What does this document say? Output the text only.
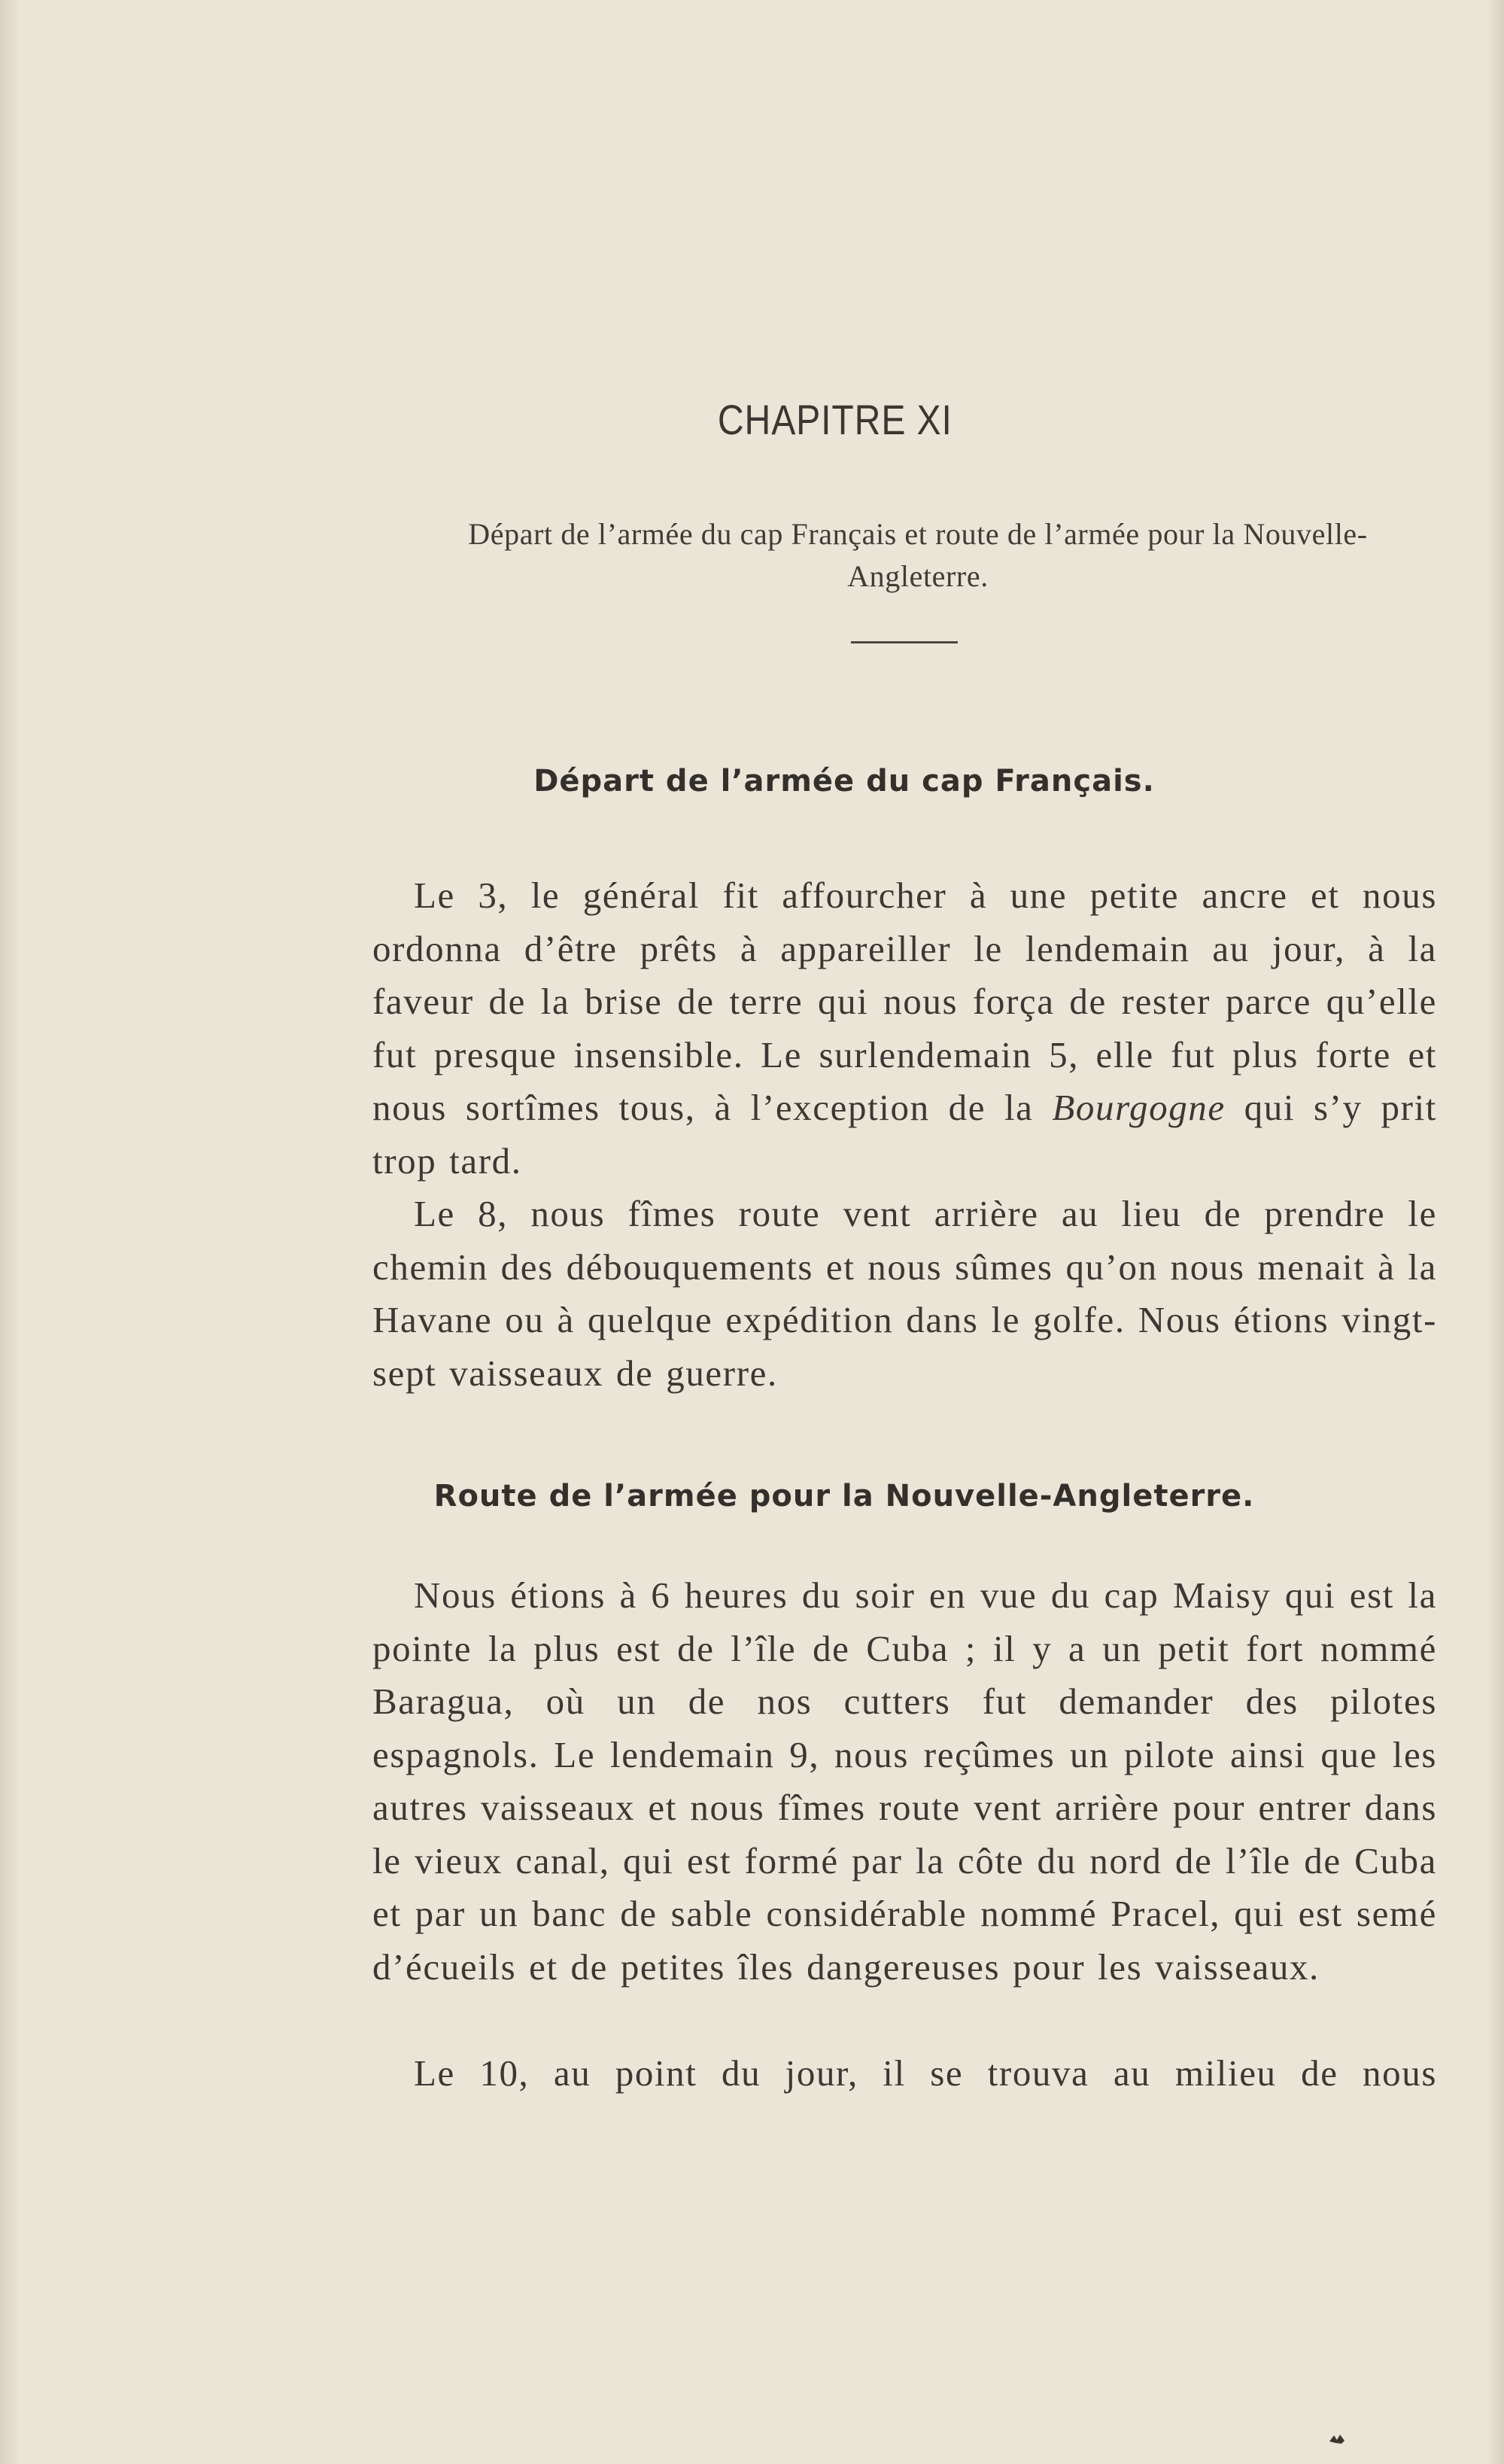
CHAPITRE XI
Départ de l’armée du cap Français et route de l’armée pour la Nouvelle-Angleterre.
Départ de l’armée du cap Français.

Le 3, le général fit affourcher à une petite ancre et nous ordonna d’être prêts à appareiller le lendemain au jour, à la faveur de la brise de terre qui nous força de rester parce qu’elle fut presque insensible. Le surlendemain 5, elle fut plus forte et nous sortîmes tous, à l’exception de la Bourgogne qui s’y prit trop tard.

Le 8, nous fîmes route vent arrière au lieu de prendre le chemin des débouquements et nous sûmes qu’on nous menait à la Havane ou à quelque expédition dans le golfe. Nous étions vingt-sept vaisseaux de guerre.

Route de l’armée pour la Nouvelle-Angleterre.

Nous étions à 6 heures du soir en vue du cap Maisy qui est la pointe la plus est de l’île de Cuba ; il y a un petit fort nommé Baragua, où un de nos cutters fut demander des pilotes espagnols. Le lendemain 9, nous reçûmes un pilote ainsi que les autres vaisseaux et nous fîmes route vent arrière pour entrer dans le vieux canal, qui est formé par la côte du nord de l’île de Cuba et par un banc de sable considérable nommé Pracel, qui est semé d’écueils et de petites îles dangereuses pour les vaisseaux.

Le 10, au point du jour, il se trouva au milieu de nous
